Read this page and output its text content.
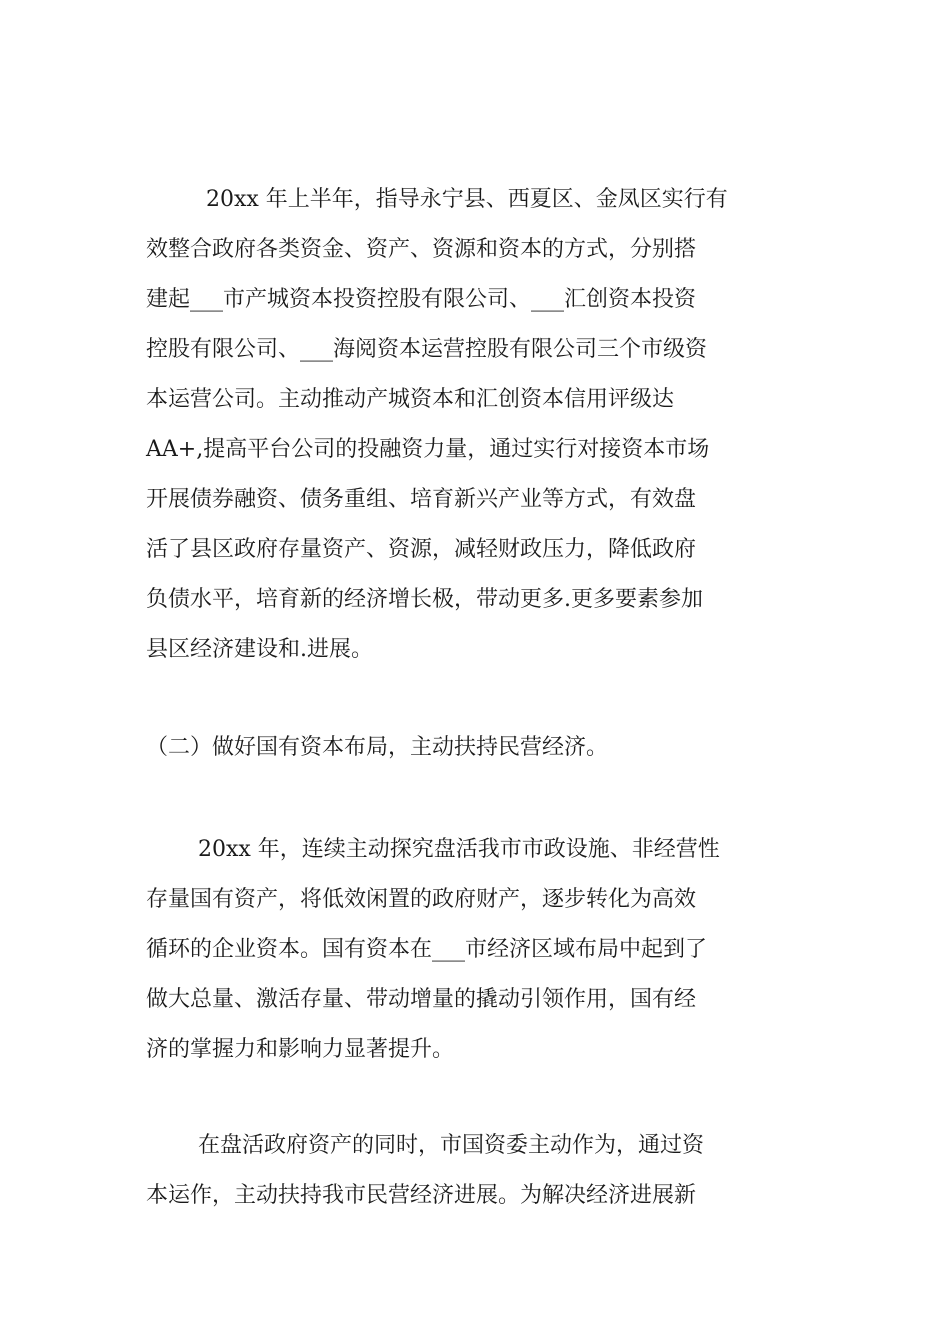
20xx 年上半年，指导永宁县、西夏区、金凤区实行有
效整合政府各类资金、资产、资源和资本的方式，分别搭
建起___市产城资本投资控股有限公司、___汇创资本投资
控股有限公司、___海阅资本运营控股有限公司三个市级资
本运营公司。主动推动产城资本和汇创资本信用评级达
AA+,提高平台公司的投融资力量，通过实行对接资本市场
开展债券融资、债务重组、培育新兴产业等方式，有效盘
活了县区政府存量资产、资源，减轻财政压力，降低政府
负债水平，培育新的经济增长极，带动更多.更多要素参加
县区经济建设和.进展。
（二）做好国有资本布局，主动扶持民营经济。
20xx 年，连续主动探究盘活我市市政设施、非经营性
存量国有资产，将低效闲置的政府财产，逐步转化为高效
循环的企业资本。国有资本在___市经济区域布局中起到了
做大总量、激活存量、带动增量的撬动引领作用，国有经
济的掌握力和影响力显著提升。
在盘活政府资产的同时，市国资委主动作为，通过资
本运作，主动扶持我市民营经济进展。为解决经济进展新
